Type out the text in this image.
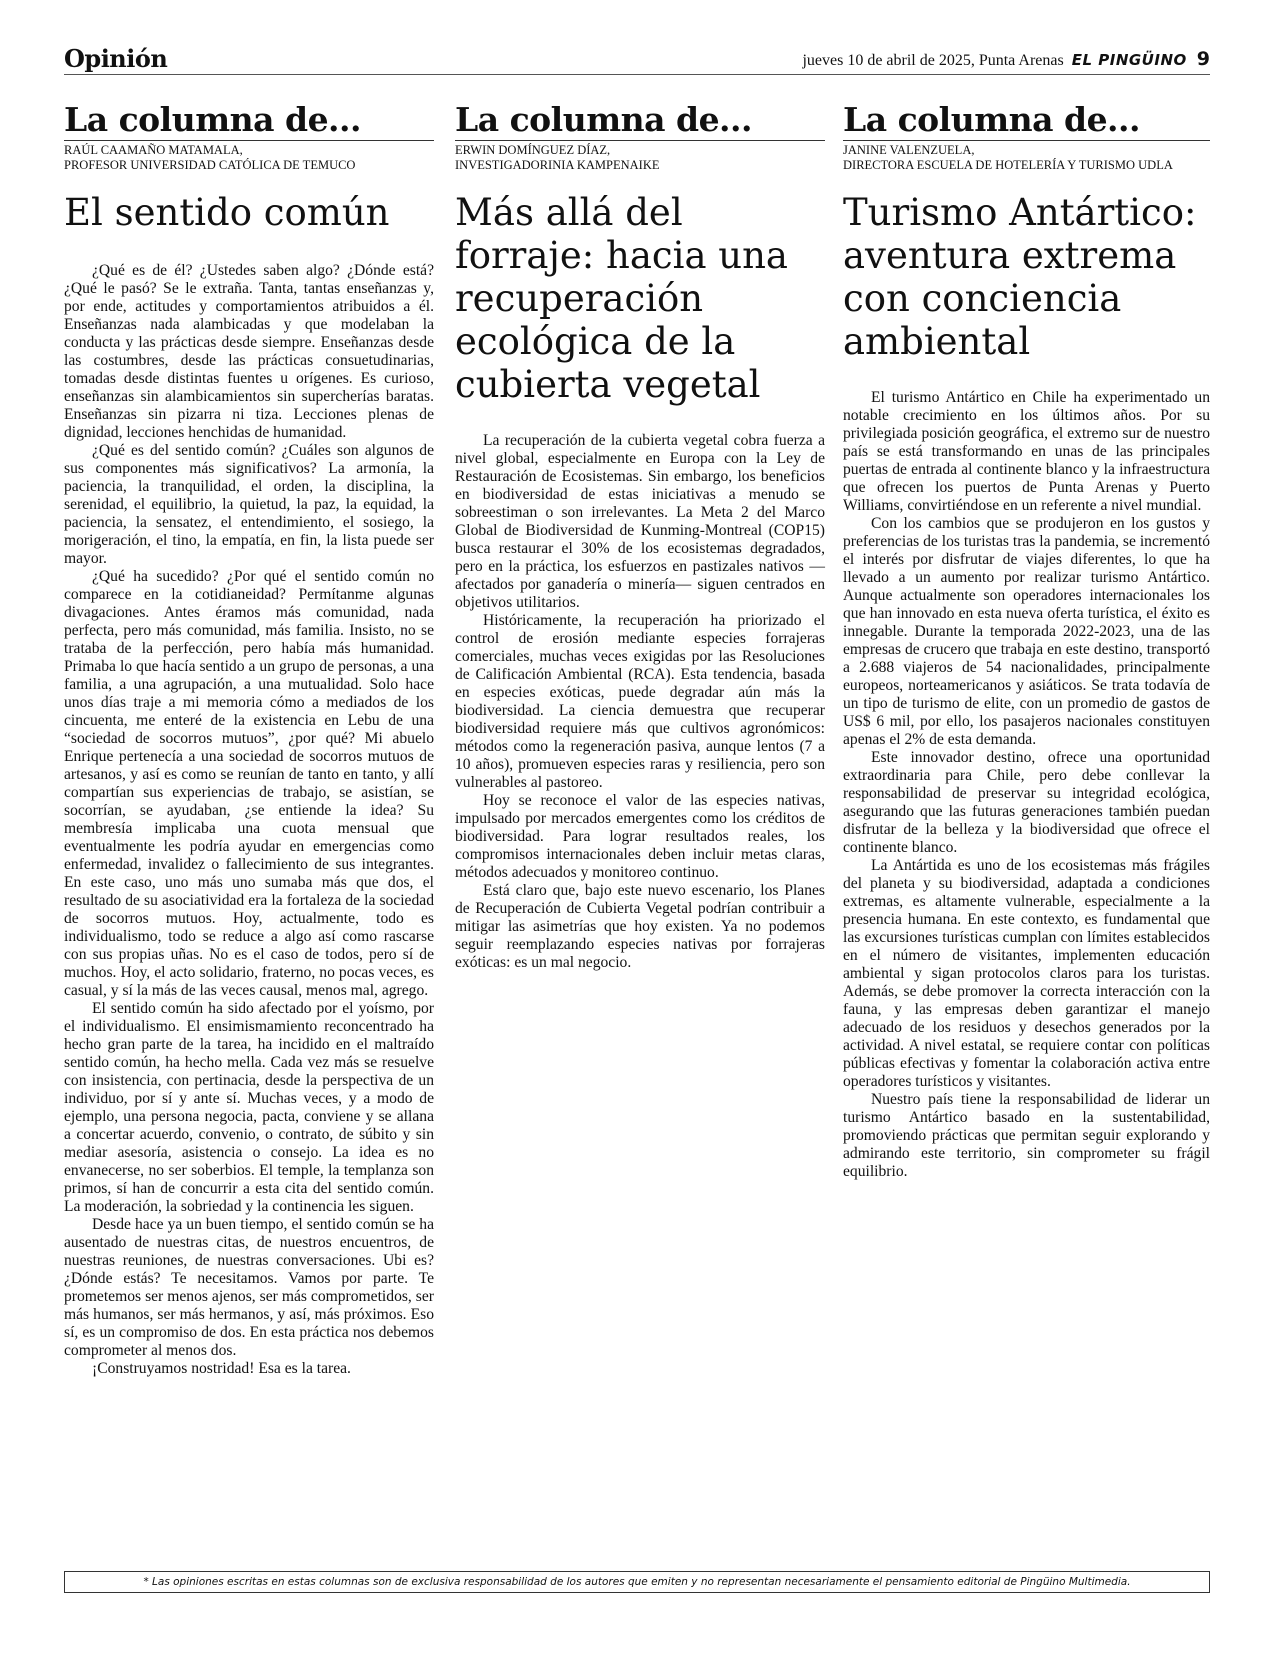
Opinión	jueves 10 de abril de 2025, Punta Arenas EL PINGÜINO 9
La columna de...
RAÚL CAAMAÑO MATAMALA,
PROFESOR UNIVERSIDAD CATÓLICA DE TEMUCO
El sentido común

¿Qué es de él? ¿Ustedes saben algo? ¿Dónde está? ¿Qué le pasó? Se le extraña. Tanta, tantas enseñanzas y, por ende, actitudes y comportamientos atribuidos a él. Enseñanzas nada alambicadas y que modelaban la conducta y las prácticas desde siempre. Enseñanzas desde las costumbres, desde las prácticas consuetudinarias, tomadas desde distintas fuentes u orígenes. Es curioso, enseñanzas sin alambicamientos sin supercherías baratas. Enseñanzas sin pizarra ni tiza. Lecciones plenas de dignidad, lecciones henchidas de humanidad.

¿Qué es del sentido común? ¿Cuáles son algunos de sus componentes más significativos? La armonía, la paciencia, la tranquilidad, el orden, la disciplina, la serenidad, el equilibrio, la quietud, la paz, la equidad, la paciencia, la sensatez, el entendimiento, el sosiego, la morigeración, el tino, la empatía, en fin, la lista puede ser mayor.

¿Qué ha sucedido? ¿Por qué el sentido común no comparece en la cotidianeidad? Permítanme algunas divagaciones. Antes éramos más comunidad, nada perfecta, pero más comunidad, más familia. Insisto, no se trataba de la perfección, pero había más humanidad. Primaba lo que hacía sentido a un grupo de personas, a una familia, a una agrupación, a una mutualidad. Solo hace unos días traje a mi memoria cómo a mediados de los cincuenta, me enteré de la existencia en Lebu de una “sociedad de socorros mutuos”, ¿por qué? Mi abuelo Enrique pertenecía a una sociedad de socorros mutuos de artesanos, y así es como se reunían de tanto en tanto, y allí compartían sus experiencias de trabajo, se asistían, se socorrían, se ayudaban, ¿se entiende la idea? Su membresía implicaba una cuota mensual que eventualmente les podría ayudar en emergencias como enfermedad, invalidez o fallecimiento de sus integrantes. En este caso, uno más uno sumaba más que dos, el resultado de su asociatividad era la fortaleza de la sociedad de socorros mutuos. Hoy, actualmente, todo es individualismo, todo se reduce a algo así como rascarse con sus propias uñas. No es el caso de todos, pero sí de muchos. Hoy, el acto solidario, fraterno, no pocas veces, es casual, y sí la más de las veces causal, menos mal, agrego.

El sentido común ha sido afectado por el yoísmo, por el individualismo. El ensimismamiento reconcentrado ha hecho gran parte de la tarea, ha incidido en el maltraído sentido común, ha hecho mella. Cada vez más se resuelve con insistencia, con pertinacia, desde la perspectiva de un individuo, por sí y ante sí. Muchas veces, y a modo de ejemplo, una persona negocia, pacta, conviene y se allana a concertar acuerdo, convenio, o contrato, de súbito y sin mediar asesoría, asistencia o consejo. La idea es no envanecerse, no ser soberbios. El temple, la templanza son primos, sí han de concurrir a esta cita del sentido común. La moderación, la sobriedad y la continencia les siguen.

Desde hace ya un buen tiempo, el sentido común se ha ausentado de nuestras citas, de nuestros encuentros, de nuestras reuniones, de nuestras conversaciones. Ubi es? ¿Dónde estás? Te necesitamos. Vamos por parte. Te prometemos ser menos ajenos, ser más comprometidos, ser más humanos, ser más hermanos, y así, más próximos. Eso sí, es un compromiso de dos. En esta práctica nos debemos comprometer al menos dos.

¡Construyamos nostridad! Esa es la tarea.

La columna de...
ERWIN DOMÍNGUEZ DÍAZ,
INVESTIGADORINIA KAMPENAIKE
Más allá del forraje: hacia una recuperación ecológica de la cubierta vegetal

La recuperación de la cubierta vegetal cobra fuerza a nivel global, especialmente en Europa con la Ley de Restauración de Ecosistemas. Sin embargo, los beneficios en biodiversidad de estas iniciativas a menudo se sobreestiman o son irrelevantes. La Meta 2 del Marco Global de Biodiversidad de Kunming-Montreal (COP15) busca restaurar el 30% de los ecosistemas degradados, pero en la práctica, los esfuerzos en pastizales nativos —afectados por ganadería o minería— siguen centrados en objetivos utilitarios.

Históricamente, la recuperación ha priorizado el control de erosión mediante especies forrajeras comerciales, muchas veces exigidas por las Resoluciones de Calificación Ambiental (RCA). Esta tendencia, basada en especies exóticas, puede degradar aún más la biodiversidad. La ciencia demuestra que recuperar biodiversidad requiere más que cultivos agronómicos: métodos como la regeneración pasiva, aunque lentos (7 a 10 años), promueven especies raras y resiliencia, pero son vulnerables al pastoreo.

Hoy se reconoce el valor de las especies nativas, impulsado por mercados emergentes como los créditos de biodiversidad. Para lograr resultados reales, los compromisos internacionales deben incluir metas claras, métodos adecuados y monitoreo continuo.

Está claro que, bajo este nuevo escenario, los Planes de Recuperación de Cubierta Vegetal podrían contribuir a mitigar las asimetrías que hoy existen. Ya no podemos seguir reemplazando especies nativas por forrajeras exóticas: es un mal negocio.

La columna de...
JANINE VALENZUELA,
DIRECTORA ESCUELA DE HOTELERÍA Y TURISMO UDLA
Turismo Antártico: aventura extrema con conciencia ambiental

El turismo Antártico en Chile ha experimentado un notable crecimiento en los últimos años. Por su privilegiada posición geográfica, el extremo sur de nuestro país se está transformando en unas de las principales puertas de entrada al continente blanco y la infraestructura que ofrecen los puertos de Punta Arenas y Puerto Williams, convirtiéndose en un referente a nivel mundial.

Con los cambios que se produjeron en los gustos y preferencias de los turistas tras la pandemia, se incrementó el interés por disfrutar de viajes diferentes, lo que ha llevado a un aumento por realizar turismo Antártico. Aunque actualmente son operadores internacionales los que han innovado en esta nueva oferta turística, el éxito es innegable. Durante la temporada 2022-2023, una de las empresas de crucero que trabaja en este destino, transportó a 2.688 viajeros de 54 nacionalidades, principalmente europeos, norteamericanos y asiáticos. Se trata todavía de un tipo de turismo de elite, con un promedio de gastos de US$ 6 mil, por ello, los pasajeros nacionales constituyen apenas el 2% de esta demanda.

Este innovador destino, ofrece una oportunidad extraordinaria para Chile, pero debe conllevar la responsabilidad de preservar su integridad ecológica, asegurando que las futuras generaciones también puedan disfrutar de la belleza y la biodiversidad que ofrece el continente blanco.

La Antártida es uno de los ecosistemas más frágiles del planeta y su biodiversidad, adaptada a condiciones extremas, es altamente vulnerable, especialmente a la presencia humana. En este contexto, es fundamental que las excursiones turísticas cumplan con límites establecidos en el número de visitantes, implementen educación ambiental y sigan protocolos claros para los turistas. Además, se debe promover la correcta interacción con la fauna, y las empresas deben garantizar el manejo adecuado de los residuos y desechos generados por la actividad. A nivel estatal, se requiere contar con políticas públicas efectivas y fomentar la colaboración activa entre operadores turísticos y visitantes.

Nuestro país tiene la responsabilidad de liderar un turismo Antártico basado en la sustentabilidad, promoviendo prácticas que permitan seguir explorando y admirando este territorio, sin comprometer su frágil equilibrio.

* Las opiniones escritas en estas columnas son de exclusiva responsabilidad de los autores que emiten y no representan necesariamente el pensamiento editorial de Pingüino Multimedia.
